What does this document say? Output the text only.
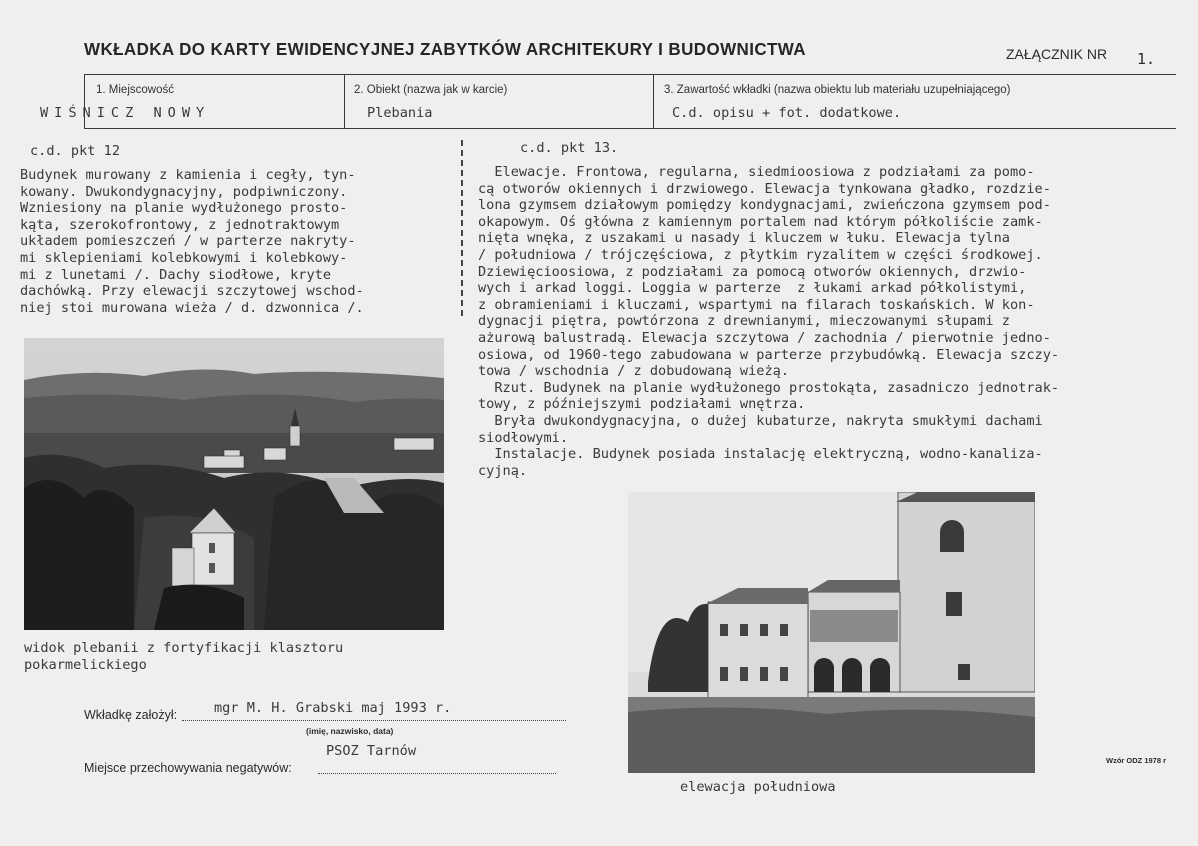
WKŁADKA DO KARTY EWIDENCYJNEJ ZABYTKÓW ARCHITEKURY I BUDOWNICTWA	ZAŁĄCZNIK NR 1.
1. Miejscowość	2. Obiekt (nazwa jak w karcie)	3. Zawartość wkładki (nazwa obiektu lub materiału uzupełniającego)
WIŚNICZ NOWY	Plebania	C.d. opisu + fot. dodatkowe.
c.d. pkt 12
Budynek murowany z kamienia i cegły, tyn-
kowany. Dwukondygnacyjny, podpiwniczony.
Wzniesiony na planie wydłużonego prosto-
kąta, szerokofrontowy, z jednotraktowym
układem pomieszczeń / w parterze nakryty-
mi sklepieniami kolebkowymi i kolebkowy-
mi z lunetami /. Dachy siodłowe, kryte
dachówką. Przy elewacji szczytowej wschod-
niej stoi murowana wieża / d. dzwonnica /.
c.d. pkt 13.
Elewacje. Frontowa, regularna, siedmioosiowa z podziałami za pomo-
cą otworów okiennych i drzwiowego. Elewacja tynkowana gładko, rozdzie-
lona gzymsem działowym pomiędzy kondygnacjami, zwieńczona gzymsem pod-
okapowym. Oś główna z kamiennym portalem nad którym półkoliście zamk-
nięta wnęka, z uszakami u nasady i kluczem w łuku. Elewacja tylna
/ południowa / trójczęściowa, z płytkim ryzalitem w części środkowej.
Dziewięcioosiowa, z podziałami za pomocą otworów okiennych, drzwio-
wych i arkad loggi. Loggia w parterze  z łukami arkad półkolistymi,
z obramieniami i kluczami, wspartymi na filarach toskańskich. W kon-
dygnacji piętra, powtórzona z drewnianymi, mieczowanymi słupami z
ażurową balustradą. Elewacja szczytowa / zachodnia / pierwotnie jedno-
osiowa, od 1960-tego zabudowana w parterze przybudówką. Elewacja szczy-
towa / wschodnia / z dobudowaną wieżą.
Rzut. Budynek na planie wydłużonego prostokąta, zasadniczo jednotrak-
towy, z późniejszymi podziałami wnętrza.
Bryła dwukondygnacyjna, o dużej kubaturze, nakryta smukłymi dachami
siodłowymi.
Instalacje. Budynek posiada instalację elektryczną, wodno-kanaliza-
cyjną.
widok plebanii z fortyfikacji klasztoru
pokarmelickiego
elewacja południowa
Wkładkę założył:	mgr M. H. Grabski maj 1993 r.
(imię, nazwisko, data)
PSOZ Tarnów
Miejsce przechowywania negatywów:
Wzór ODZ 1978 r
